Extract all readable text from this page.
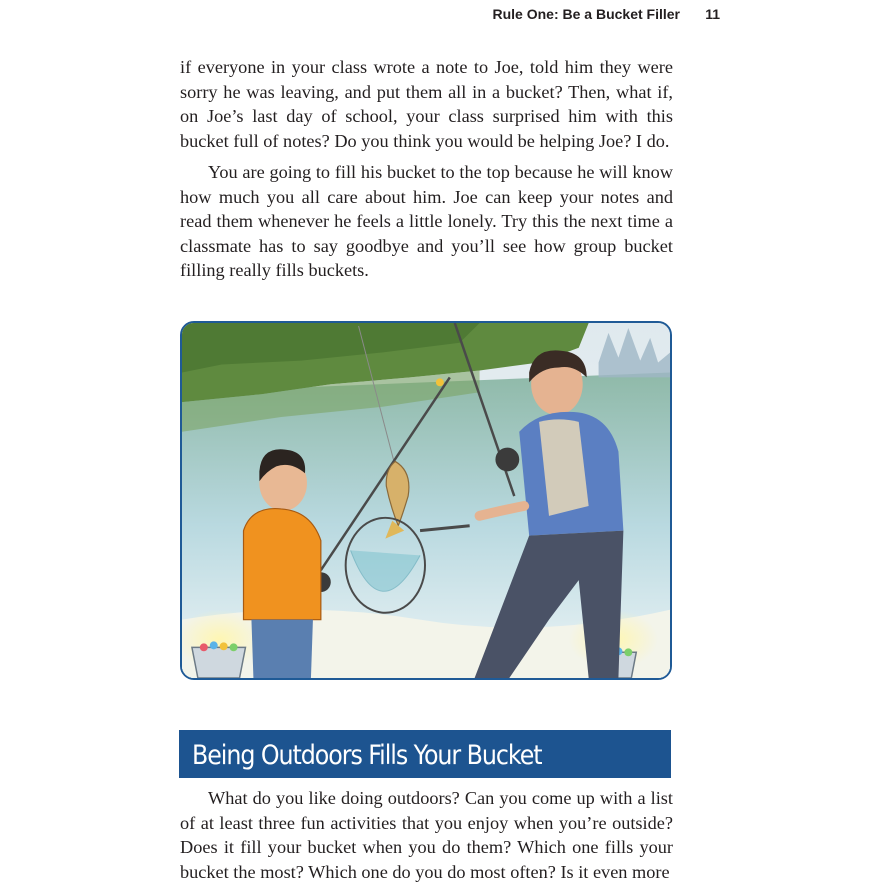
Rule One: Be a Bucket Filler	11

if everyone in your class wrote a note to Joe, told him they were sorry he was leaving, and put them all in a bucket? Then, what if, on Joe’s last day of school, your class surprised him with this bucket full of notes? Do you think you would be helping Joe? I do.

You are going to fill his bucket to the top because he will know how much you all care about him. Joe can keep your notes and read them whenever he feels a little lonely. Try this the next time a classmate has to say goodbye and you’ll see how group bucket filling really fills buckets.

Being Outdoors Fills Your Bucket

What do you like doing outdoors? Can you come up with a list of at least three fun activities that you enjoy when you’re outside? Does it fill your bucket when you do them? Which one fills your bucket the most? Which one do you do most often? Is it even more
